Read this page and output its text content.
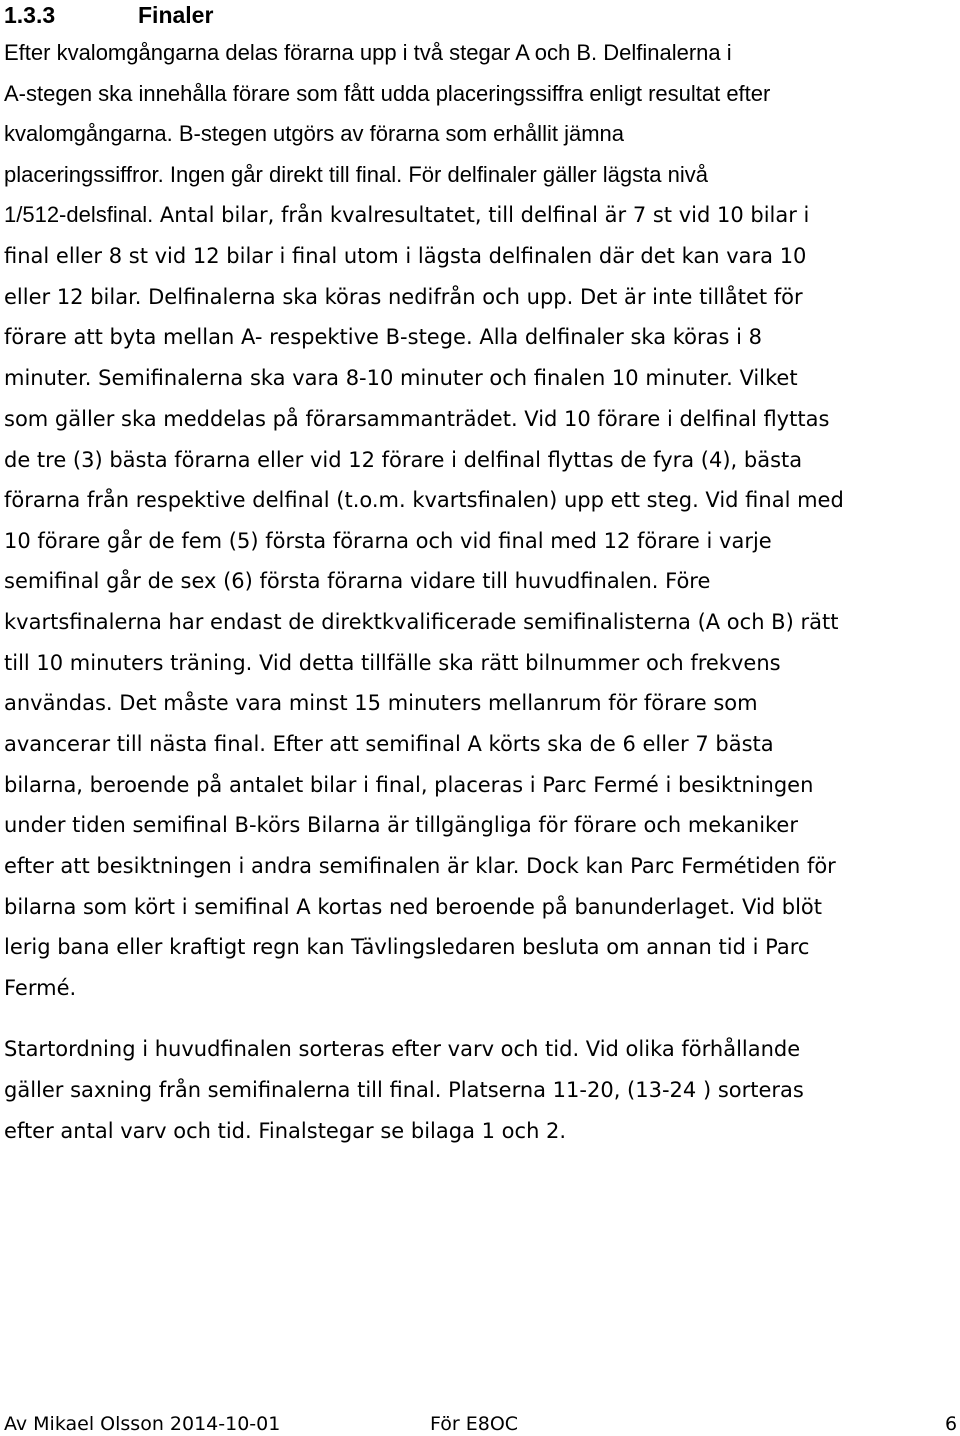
1.3.3	Finaler
Efter kvalomgångarna delas förarna upp i två stegar A och B. Delfinalerna i
A-stegen ska innehålla förare som fått udda placeringssiffra enligt resultat efter
kvalomgångarna. B-stegen utgörs av förarna som erhållit jämna
placeringssiffror. Ingen går direkt till final. För delfinaler gäller lägsta nivå
1/512-delsfinal. Antal bilar, från kvalresultatet, till delfinal är 7 st vid 10 bilar i
final eller 8 st vid 12 bilar i final utom i lägsta delfinalen där det kan vara 10
eller 12 bilar. Delfinalerna ska köras nedifrån och upp. Det är inte tillåtet för
förare att byta mellan A- respektive B-stege. Alla delfinaler ska köras i 8
minuter. Semifinalerna ska vara 8-10 minuter och finalen 10 minuter. Vilket
som gäller ska meddelas på förarsammanträdet. Vid 10 förare i delfinal flyttas
de tre (3) bästa förarna eller vid 12 förare i delfinal flyttas de fyra (4), bästa
förarna från respektive delfinal (t.o.m. kvartsfinalen) upp ett steg. Vid final med
10 förare går de fem (5) första förarna och vid final med 12 förare i varje
semifinal går de sex (6) första förarna vidare till huvudfinalen. Före
kvartsfinalerna har endast de direktkvalificerade semifinalisterna (A och B) rätt
till 10 minuters träning. Vid detta tillfälle ska rätt bilnummer och frekvens
användas. Det måste vara minst 15 minuters mellanrum för förare som
avancerar till nästa final. Efter att semifinal A körts ska de 6 eller 7 bästa
bilarna, beroende på antalet bilar i final, placeras i Parc Fermé i besiktningen
under tiden semifinal B-körs Bilarna är tillgängliga för förare och mekaniker
efter att besiktningen i andra semifinalen är klar. Dock kan Parc Fermétiden för
bilarna som kört i semifinal A kortas ned beroende på banunderlaget. Vid blöt
lerig bana eller kraftigt regn kan Tävlingsledaren besluta om annan tid i Parc
Fermé.
Startordning i huvudfinalen sorteras efter varv och tid. Vid olika förhållande
gäller saxning från semifinalerna till final. Platserna 11-20, (13-24 ) sorteras
efter antal varv och tid. Finalstegar se bilaga 1 och 2.
Av Mikael Olsson 2014-10-01	För E8OC	6
